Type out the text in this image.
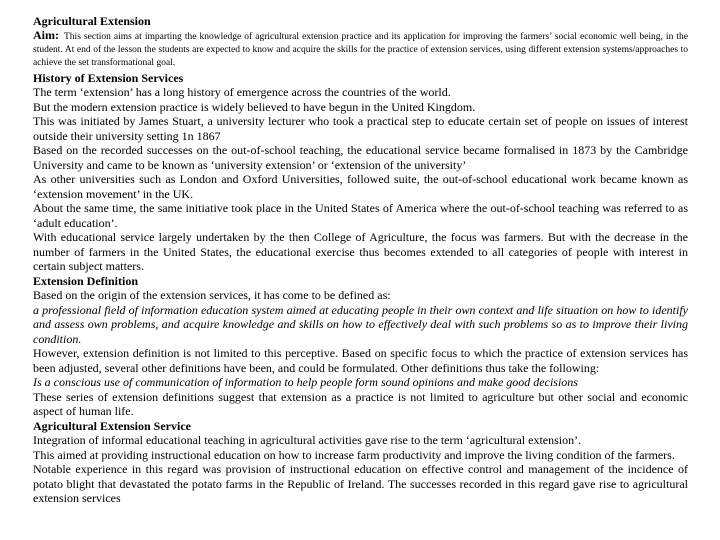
Agricultural Extension

Aim: This section aims at imparting the knowledge of agricultural extension practice and its application for improving the farmers’ social economic well being, in the student. At end of the lesson the students are expected to know and acquire the skills for the practice of extension services, using different extension systems/approaches to achieve the set transformational goal.

History of Extension Services

The term ‘extension’ has a long history of emergence across the countries of the world.

But the modern extension practice is widely believed to have begun in the United Kingdom.

This was initiated by James Stuart, a university lecturer who took a practical step to educate certain set of people on issues of interest outside their university setting 1n 1867

Based on the recorded successes on the out-of-school teaching, the educational service became formalised in 1873 by the Cambridge University and came to be known as ‘university extension’ or ‘extension of the university’

As other universities such as London and Oxford Universities, followed suite, the out-of-school educational work became known as ‘extension movement’ in the UK.

About the same time, the same initiative took place in the United States of America where the out-of-school teaching was referred to as ‘adult education’.

With educational service largely undertaken by the then College of Agriculture, the focus was farmers. But with the decrease in the number of farmers in the United States, the educational exercise thus becomes extended to all categories of people with interest in certain subject matters.

Extension Definition

Based on the origin of the extension services, it has come to be defined as:

a professional field of information education system aimed at educating people in their own context and life situation on how to identify and assess own problems, and acquire knowledge and skills on how to effectively deal with such problems so as to improve their living condition.

However, extension definition is not limited to this perceptive. Based on specific focus to which the practice of extension services has been adjusted, several other definitions have been, and could be formulated. Other definitions thus take the following:

Is a conscious use of communication of information to help people form sound opinions and make good decisions

These series of extension definitions suggest that extension as a practice is not limited to agriculture but other social and economic aspect of human life.

Agricultural Extension Service

Integration of informal educational teaching in agricultural activities gave rise to the term ‘agricultural extension’.

This aimed at providing instructional education on how to increase farm productivity and improve the living condition of the farmers.

Notable experience in this regard was provision of instructional education on effective control and management of the incidence of potato blight that devastated the potato farms in the Republic of Ireland. The successes recorded in this regard gave rise to agricultural extension services
